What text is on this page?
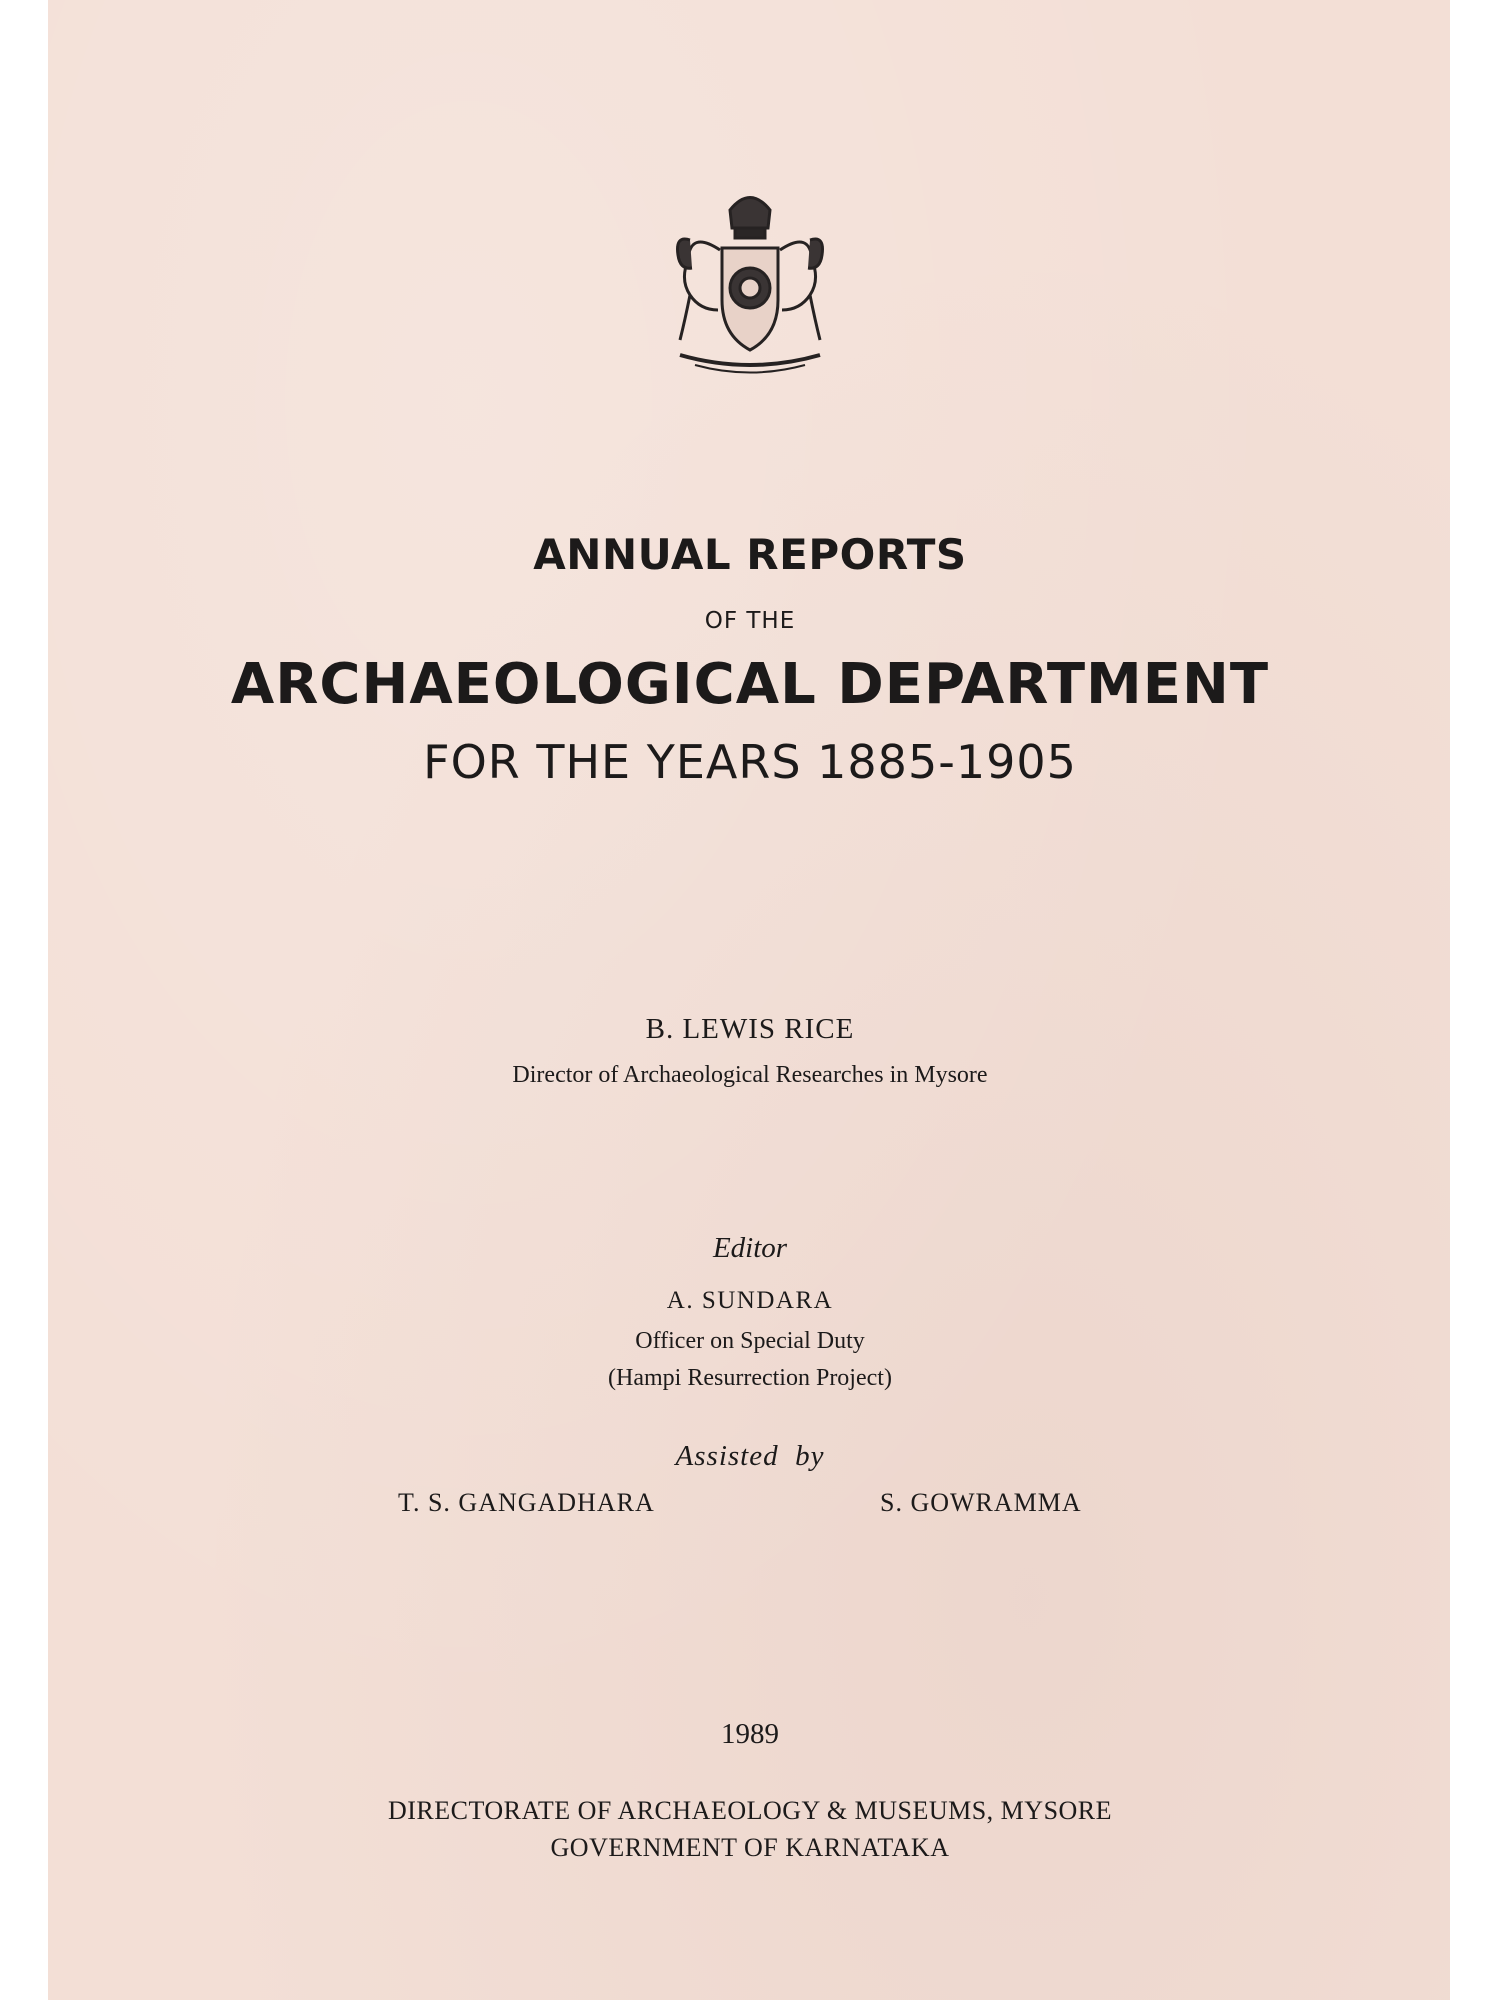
ANNUAL REPORTS
OF THE
ARCHAEOLOGICAL DEPARTMENT
FOR THE YEARS 1885-1905
B. LEWIS RICE
Director of Archaeological Researches in Mysore
Editor
A. SUNDARA
Officer on Special Duty
(Hampi Resurrection Project)
Assisted  by
T. S. GANGADHARA	S. GOWRAMMA
1989
DIRECTORATE OF ARCHAEOLOGY & MUSEUMS, MYSORE
GOVERNMENT OF KARNATAKA
